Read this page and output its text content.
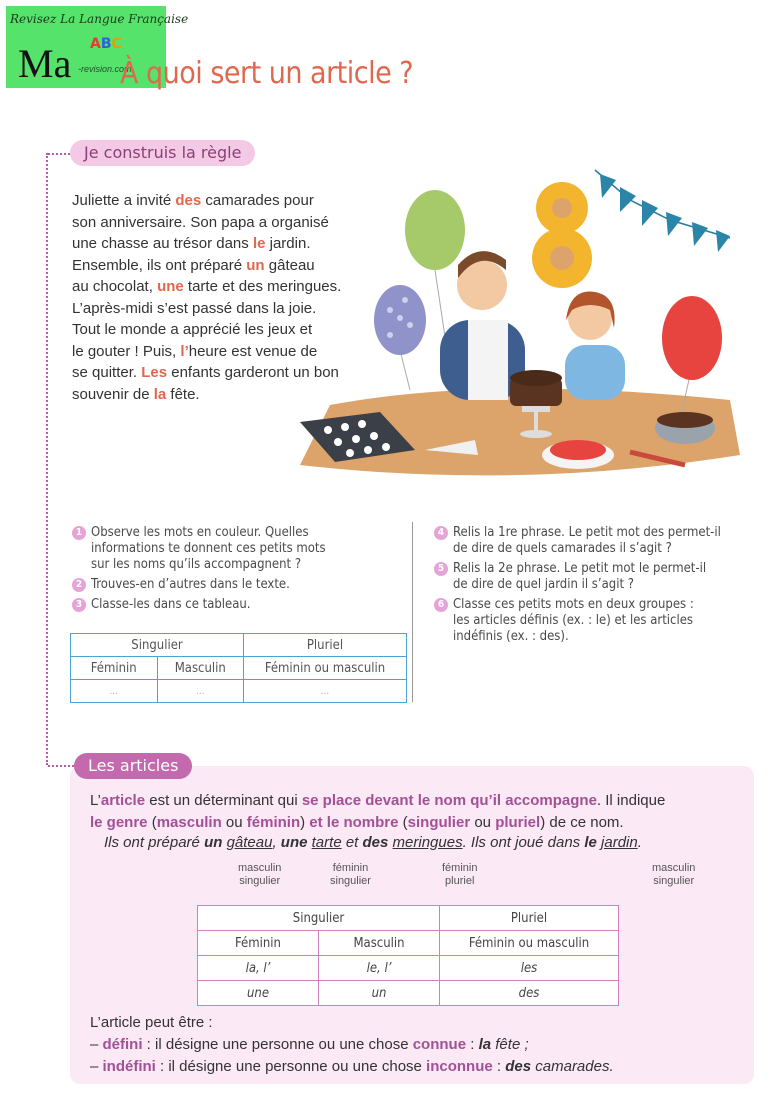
Revisez La Langue Française
Ma ABC
-revision.com
À quoi sert un article ?
Je construis la règle

Juliette a invité des camarades pour

son anniversaire. Son papa a organisé

une chasse au trésor dans le jardin.

Ensemble, ils ont préparé un gâteau

au chocolat, une tarte et des meringues.

L’après-midi s’est passé dans la joie.

Tout le monde a apprécié les jeux et

le gouter ! Puis, l’heure est venue de

se quitter. Les enfants garderont un bon

souvenir de la fête.

8
1 Observe les mots en couleur. Quelles
informations te donnent ces petits mots
sur les noms qu’ils accompagnent ?
2 Trouves-en d’autres dans le texte.
3 Classe-les dans ce tableau.
4 Relis la 1re phrase. Le petit mot des permet-il
de dire de quels camarades il s’agit ?
5 Relis la 2e phrase. Le petit mot le permet-il
de dire de quel jardin il s’agit ?
6 Classe ces petits mots en deux groupes :
les articles définis (ex. : le) et les articles
indéfinis (ex. : des).
Singulier		Pluriel
Féminin	Masculin	Féminin ou masculin
...	...	...
Les articles
L’article est un déterminant qui se place devant le nom qu’il accompagne. Il indique
le genre (masculin ou féminin) et le nombre (singulier ou pluriel) de ce nom.
Ils ont préparé un gâteau, une tarte et des meringues. Ils ont joué dans le jardin.
masculin
singulier
féminin
singulier
féminin
pluriel
masculin
singulier
Singulier		Pluriel
Féminin	Masculin	Féminin ou masculin
la, l’	le, l’	les
une	un	des
L’article peut être :
– défini : il désigne une personne ou une chose connue : la fête ;
– indéfini : il désigne une personne ou une chose inconnue : des camarades.
